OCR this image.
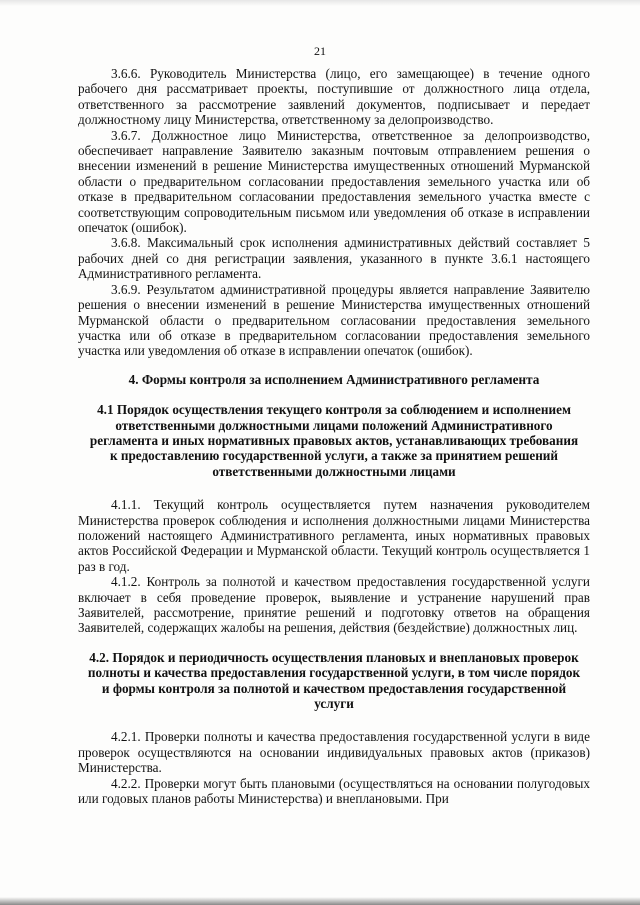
21

3.6.6. Руководитель Министерства (лицо, его замещающее) в течение одного рабочего дня рассматривает проекты, поступившие от должностного лица отдела, ответственного за рассмотрение заявлений документов, подписывает и передает должностному лицу Министерства, ответственному за делопроизводство.

3.6.7. Должностное лицо Министерства, ответственное за делопроизводство, обеспечивает направление Заявителю заказным почтовым отправлением решения о внесении изменений в решение Министерства имущественных отношений Мурманской области о предварительном согласовании предоставления земельного участка или об отказе в предварительном согласовании предоставления земельного участка вместе с соответствующим сопроводительным письмом или уведомления об отказе в исправлении опечаток (ошибок).

3.6.8. Максимальный срок исполнения административных действий составляет 5 рабочих дней со дня регистрации заявления, указанного в пункте 3.6.1 настоящего Административного регламента.

3.6.9. Результатом административной процедуры является направление Заявителю решения о внесении изменений в решение Министерства имущественных отношений Мурманской области о предварительном согласовании предоставления земельного участка или об отказе в предварительном согласовании предоставления земельного участка или уведомления об отказе в исправлении опечаток (ошибок).

4. Формы контроля за исполнением Административного регламента
4.1 Порядок осуществления текущего контроля за соблюдением и исполнением ответственными должностными лицами положений Административного регламента и иных нормативных правовых актов, устанавливающих требования к предоставлению государственной услуги, а также за принятием решений ответственными должностными лицами

4.1.1. Текущий контроль осуществляется путем назначения руководителем Министерства проверок соблюдения и исполнения должностными лицами Министерства положений настоящего Административного регламента, иных нормативных правовых актов Российской Федерации и Мурманской области. Текущий контроль осуществляется 1 раз в год.

4.1.2. Контроль за полнотой и качеством предоставления государственной услуги включает в себя проведение проверок, выявление и устранение нарушений прав Заявителей, рассмотрение, принятие решений и подготовку ответов на обращения Заявителей, содержащих жалобы на решения, действия (бездействие) должностных лиц.

4.2. Порядок и периодичность осуществления плановых и внеплановых проверок полноты и качества предоставления государственной услуги, в том числе порядок и формы контроля за полнотой и качеством предоставления государственной услуги

4.2.1. Проверки полноты и качества предоставления государственной услуги в виде проверок осуществляются на основании индивидуальных правовых актов (приказов) Министерства.

4.2.2. Проверки могут быть плановыми (осуществляться на основании полугодовых или годовых планов работы Министерства) и внеплановыми. При
